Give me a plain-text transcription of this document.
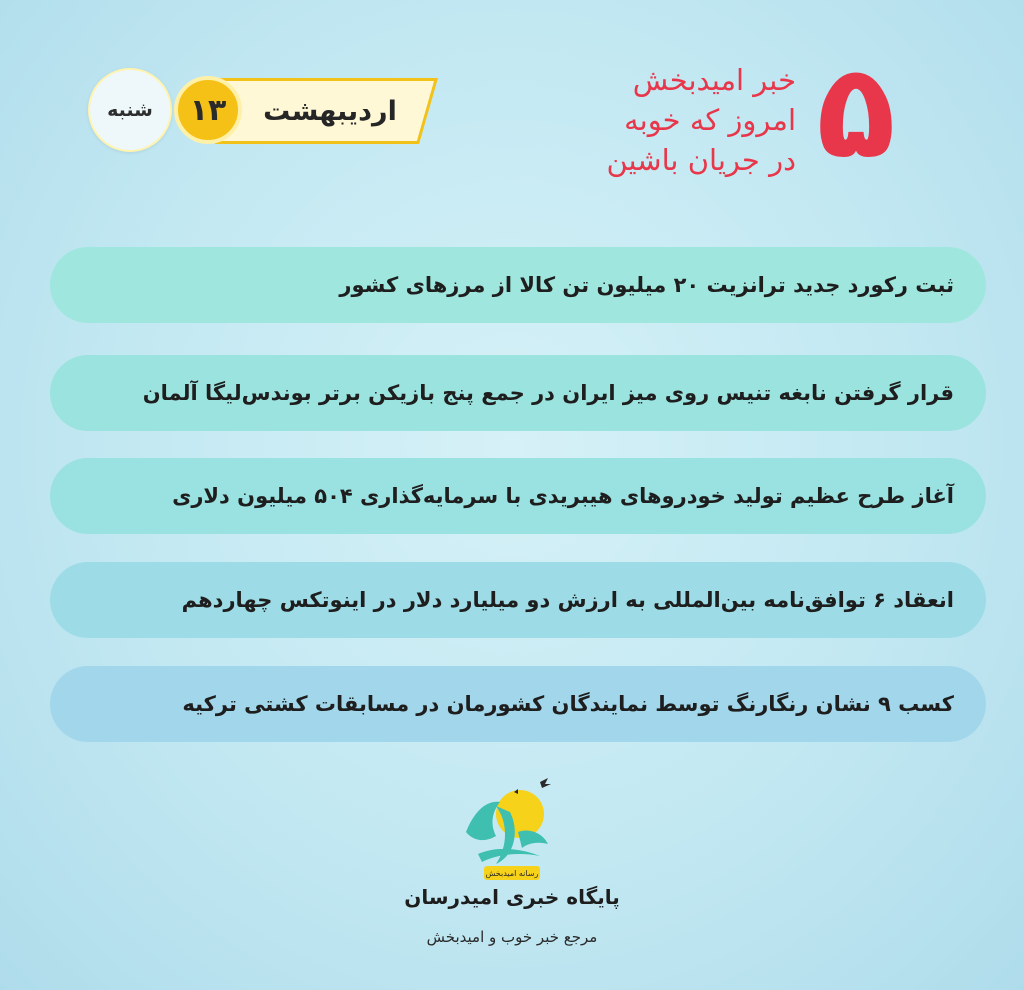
شنبه	اردیبهشت
۱۳	۵
خبر امیدبخش
امروز که خوبه
در جریان باشین
ثبت رکورد جدید ترانزیت ۲۰ میلیون تن کالا از مرزهای کشور
قرار گرفتن نابغه تنیس روی میز ایران در جمع پنج بازیکن برتر بوندس‌لیگا آلمان
آغاز طرح عظیم تولید خودروهای هیبریدی با سرمایه‌گذاری ۵۰۴ میلیون دلاری
انعقاد ۶ توافق‌نامه بین‌المللی به ارزش دو میلیارد دلار در اینوتکس چهاردهم
کسب ۹ نشان رنگارنگ توسط نمایندگان کشورمان در مسابقات کشتی ترکیه
رسانه امیدبخش
پایگاه خبری امیدرسان
مرجع خبر خوب و امیدبخش
